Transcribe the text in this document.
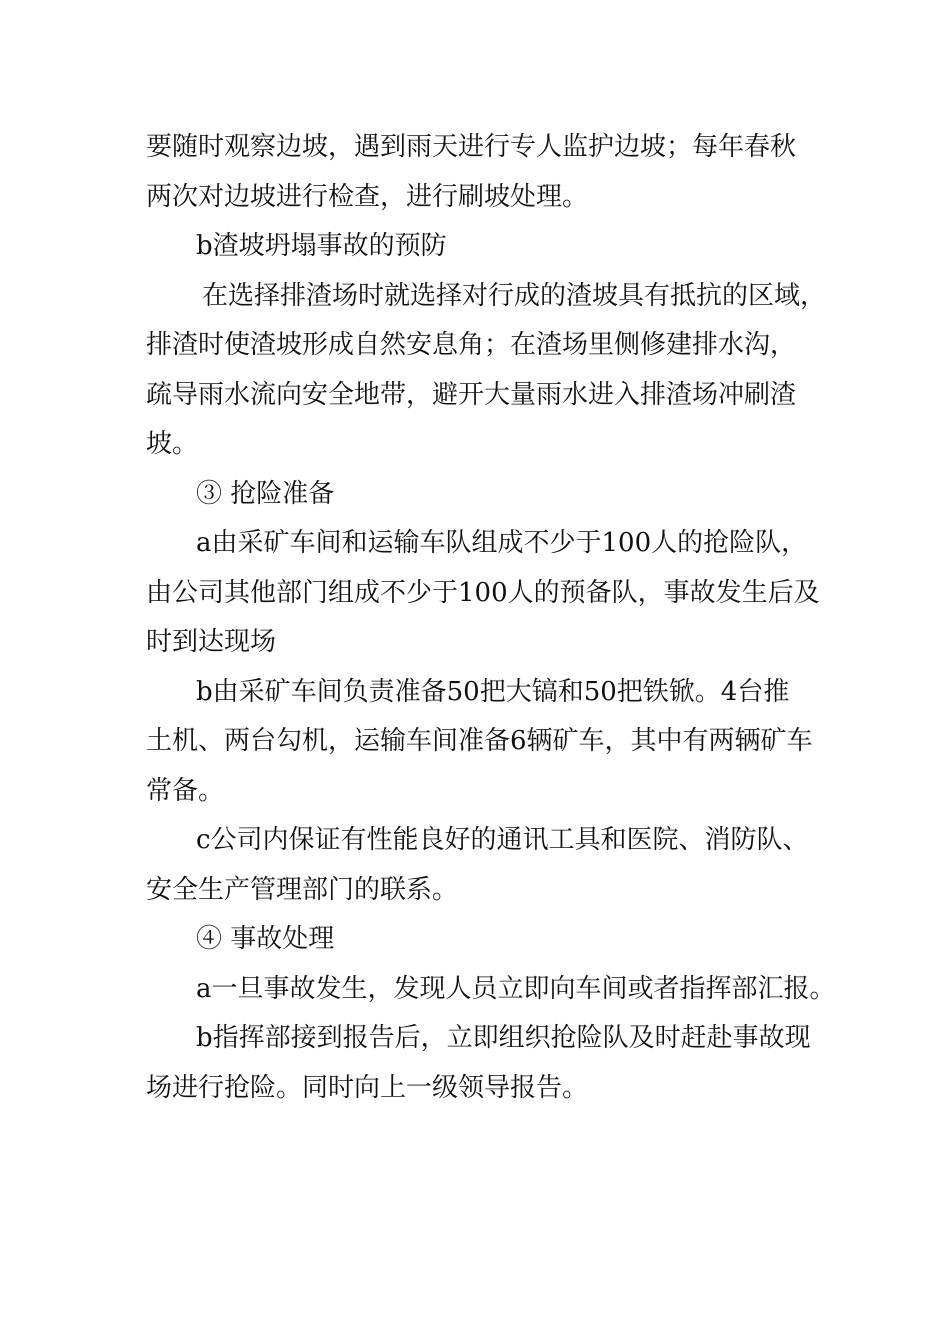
要随时观察边坡，遇到雨天进行专人监护边坡；每年春秋
两次对边坡进行检查，进行刷坡处理。
b渣坡坍塌事故的预防
在选择排渣场时就选择对行成的渣坡具有抵抗的区域，
排渣时使渣坡形成自然安息角；在渣场里侧修建排水沟，
疏导雨水流向安全地带，避开大量雨水进入排渣场冲刷渣
坡。
③ 抢险准备
a由采矿车间和运输车队组成不少于100人的抢险队，
由公司其他部门组成不少于100人的预备队，事故发生后及
时到达现场
b由采矿车间负责准备50把大镐和50把铁锨。4台推
土机、两台勾机，运输车间准备6辆矿车，其中有两辆矿车
常备。
c公司内保证有性能良好的通讯工具和医院、消防队、
安全生产管理部门的联系。
④ 事故处理
a一旦事故发生，发现人员立即向车间或者指挥部汇报。
b指挥部接到报告后，立即组织抢险队及时赶赴事故现
场进行抢险。同时向上一级领导报告。
